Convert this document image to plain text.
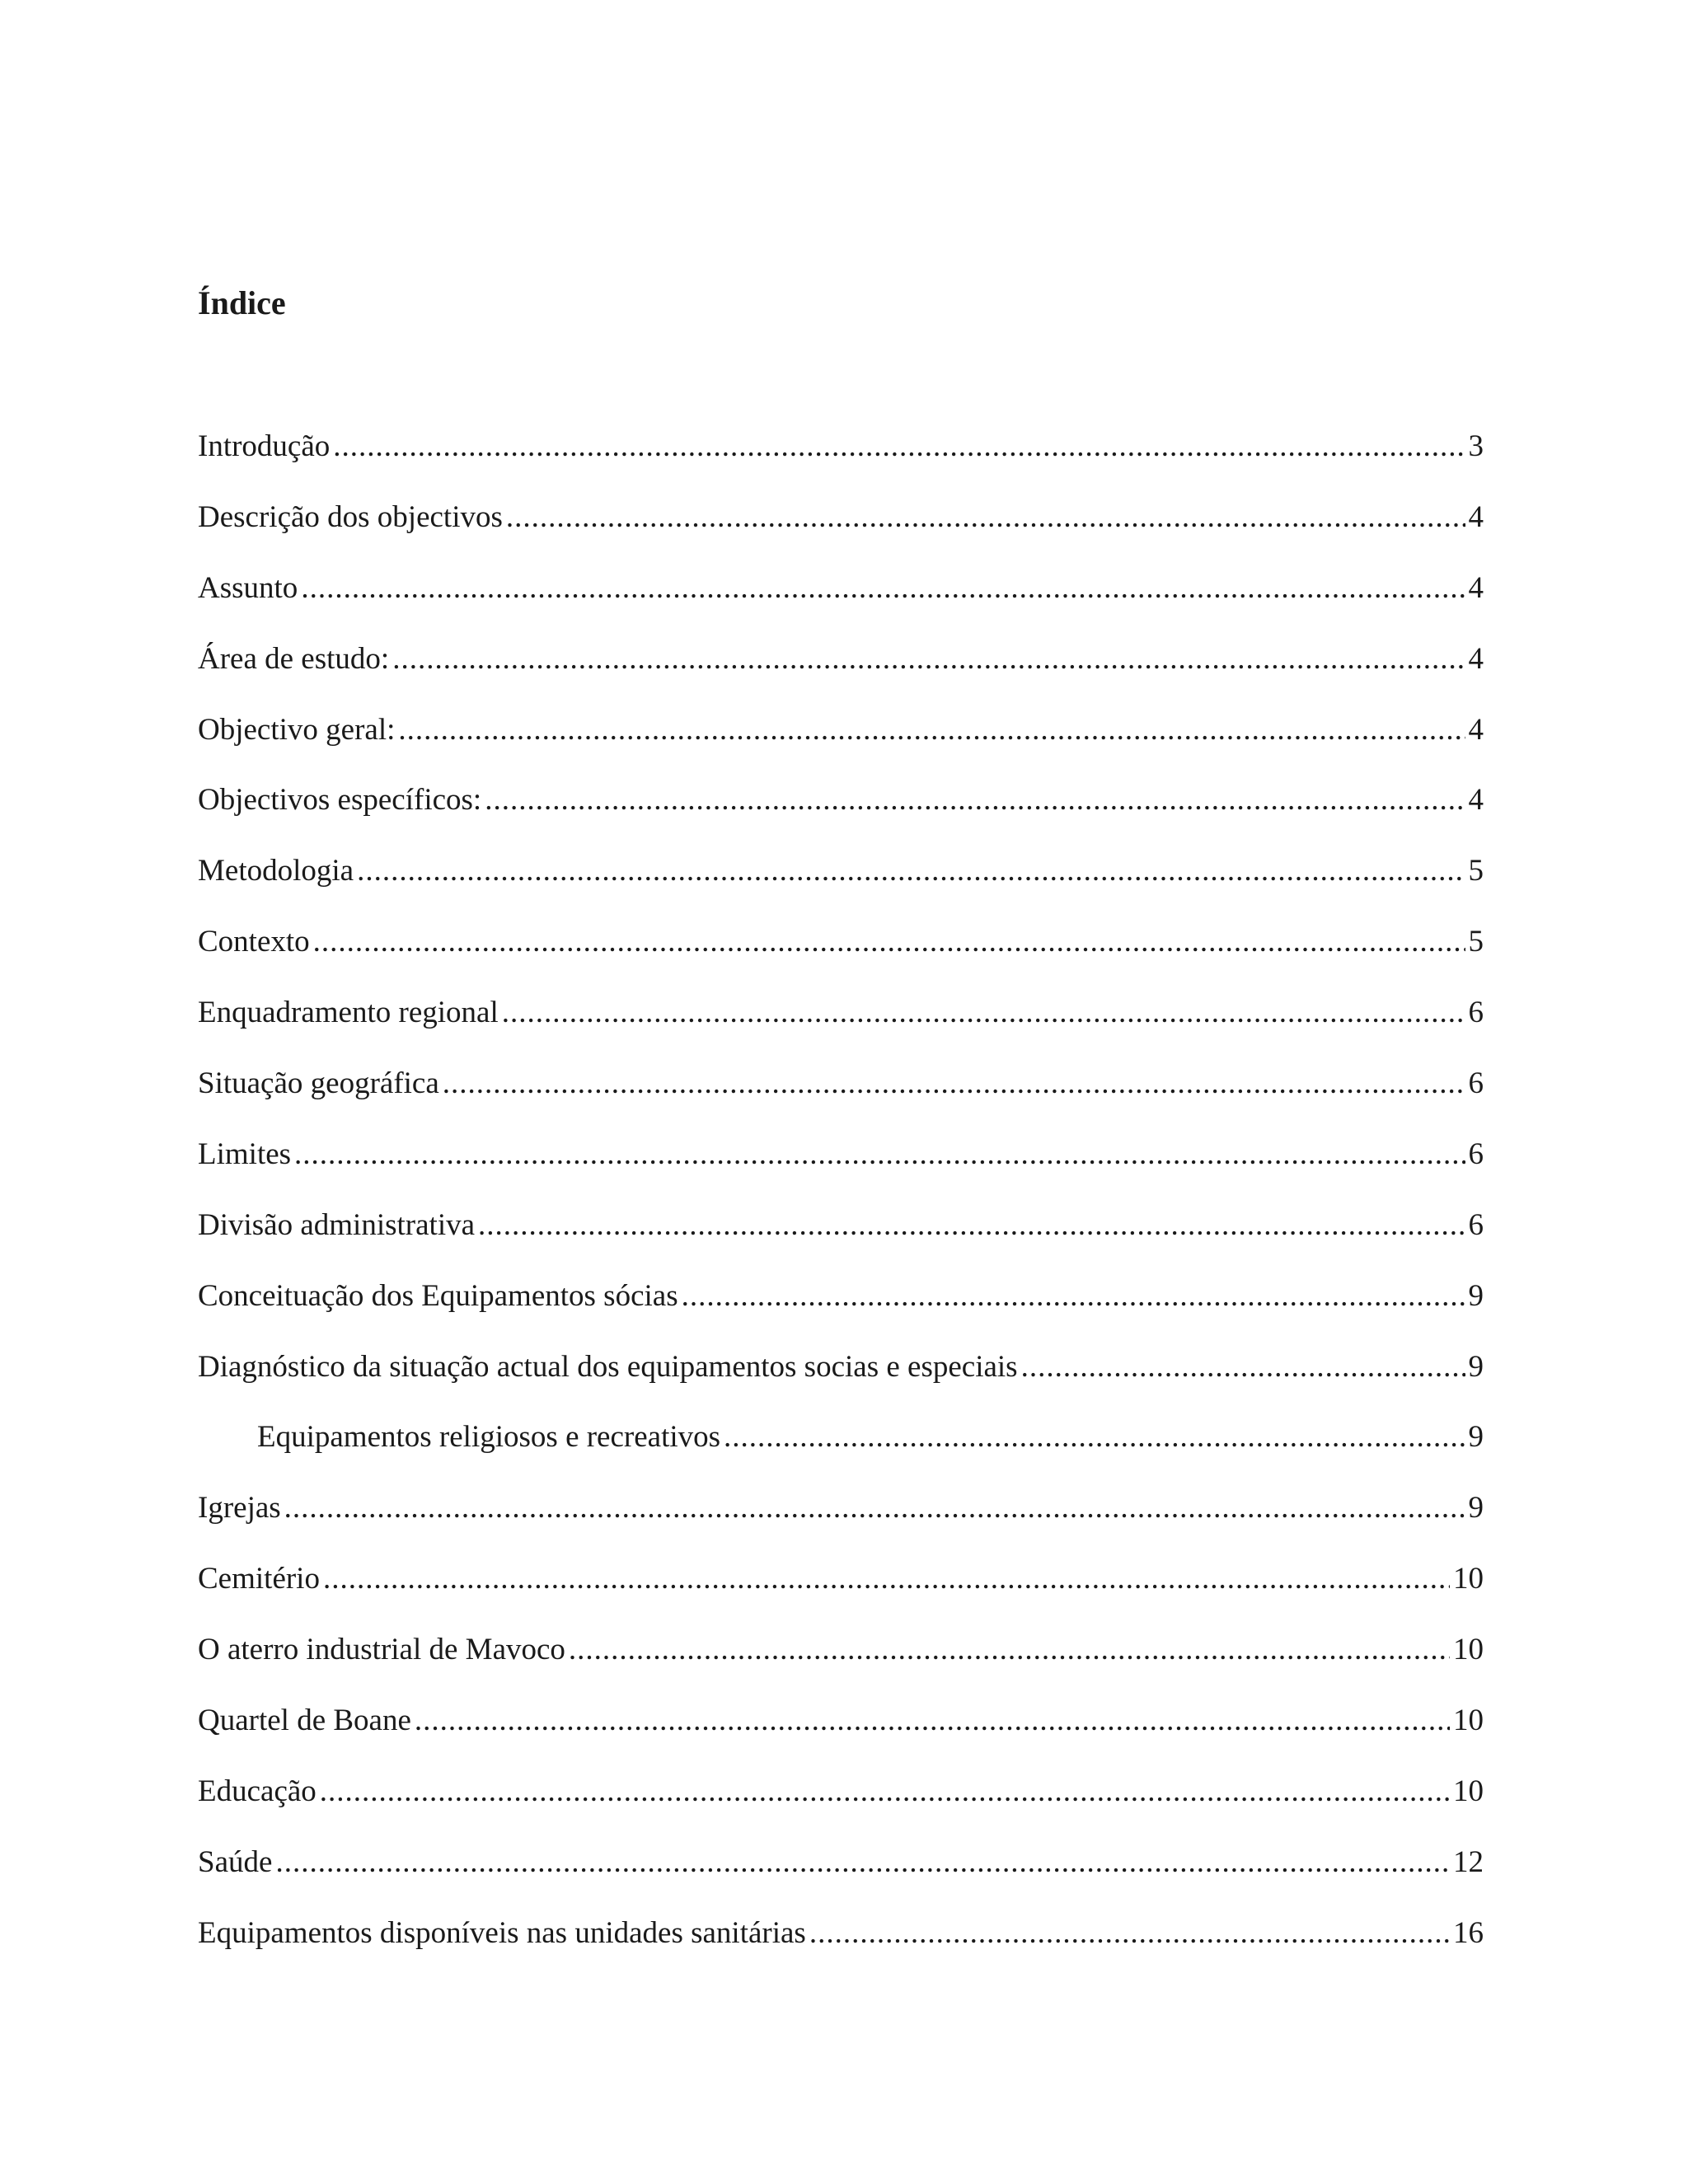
Índice
Introdução .....	3
Descrição dos objectivos .....	4
Assunto .....	4
Área de estudo: .....	4
Objectivo geral: .....	4
Objectivos específicos: .....	4
Metodologia .....	5
Contexto .....	5
Enquadramento regional .....	6
Situação geográfica .....	6
Limites .....	6
Divisão administrativa .....	6
Conceituação dos Equipamentos sócias .....	9
Diagnóstico da situação actual dos equipamentos socias e especiais .....	9
Equipamentos religiosos e recreativos .....	9
Igrejas .....	9
Cemitério .....	10
O aterro industrial de Mavoco .....	10
Quartel de Boane .....	10
Educação .....	10
Saúde .....	12
Equipamentos disponíveis nas unidades sanitárias .....	16
